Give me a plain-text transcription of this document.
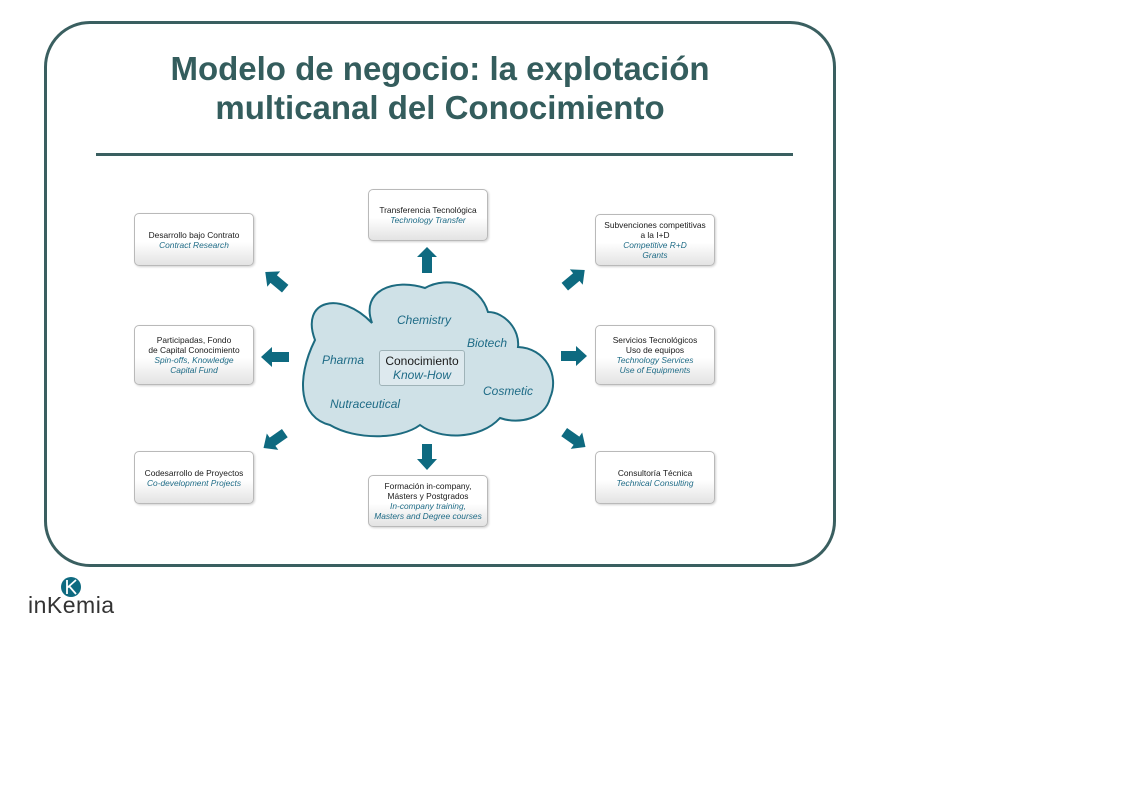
Modelo de negocio: la explotación
multicanal del Conocimiento
Chemistry
Biotech
Pharma
Cosmetic
Nutraceutical
Conocimiento
Know-How
Desarrollo bajo Contrato
Contract Research
Transferencia Tecnológica
Technology Transfer	Subvenciones competitivas
a la I+D
Competitive R+D
Grants
Participadas, Fondo
de Capital Conocimiento
Spin-offs, Knowledge
Capital Fund
Servicios Tecnológicos
Uso de equipos
Technology Services
Use of Equipments
Codesarrollo de Proyectos
Co-development Projects	Formación in-company,
Másters y Postgrados
In-company training,
Masters and Degree courses
Consultoría Técnica
Technical Consulting
inKemia
